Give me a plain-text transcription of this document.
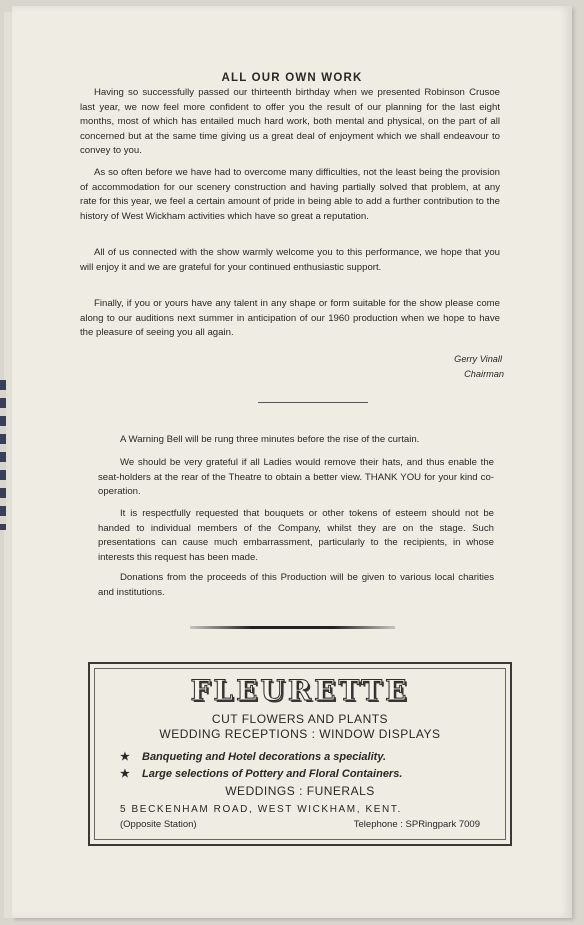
ALL OUR OWN WORK

Having so successfully passed our thirteenth birthday when we presented Robinson Crusoe last year, we now feel more confident to offer you the result of our planning for the last eight months, most of which has entailed much hard work, both mental and physical, on the part of all concerned but at the same time giving us a great deal of enjoyment which we shall endeavour to convey to you.

As so often before we have had to overcome many difficulties, not the least being the provision of accommodation for our scenery construction and having partially solved that problem, at any rate for this year, we feel a certain amount of pride in being able to add a further contribution to the history of West Wickham activities which have so great a reputation.

All of us connected with the show warmly welcome you to this performance, we hope that you will enjoy it and we are grateful for your continued enthusiastic support.

Finally, if you or yours have any talent in any shape or form suitable for the show please come along to our auditions next summer in anticipation of our 1960 production when we hope to have the pleasure of seeing you all again.

Gerry Vinall
Chairman

A Warning Bell will be rung three minutes before the rise of the curtain.

We should be very grateful if all Ladies would remove their hats, and thus enable the seat-holders at the rear of the Theatre to obtain a better view. THANK YOU for your kind co-operation.

It is respectfully requested that bouquets or other tokens of esteem should not be handed to individual members of the Company, whilst they are on the stage. Such presentations can cause much embarrassment, particularly to the recipients, in whose interests this request has been made.

Donations from the proceeds of this Production will be given to various local charities and institutions.

FLEURETTE
CUT FLOWERS AND PLANTS
WEDDING RECEPTIONS : WINDOW DISPLAYS
★ Banqueting and Hotel decorations a speciality.
★ Large selections of Pottery and Floral Containers.
WEDDINGS : FUNERALS
5 BECKENHAM ROAD, WEST WICKHAM, KENT.
(Opposite Station)	Telephone : SPRingpark 7009
